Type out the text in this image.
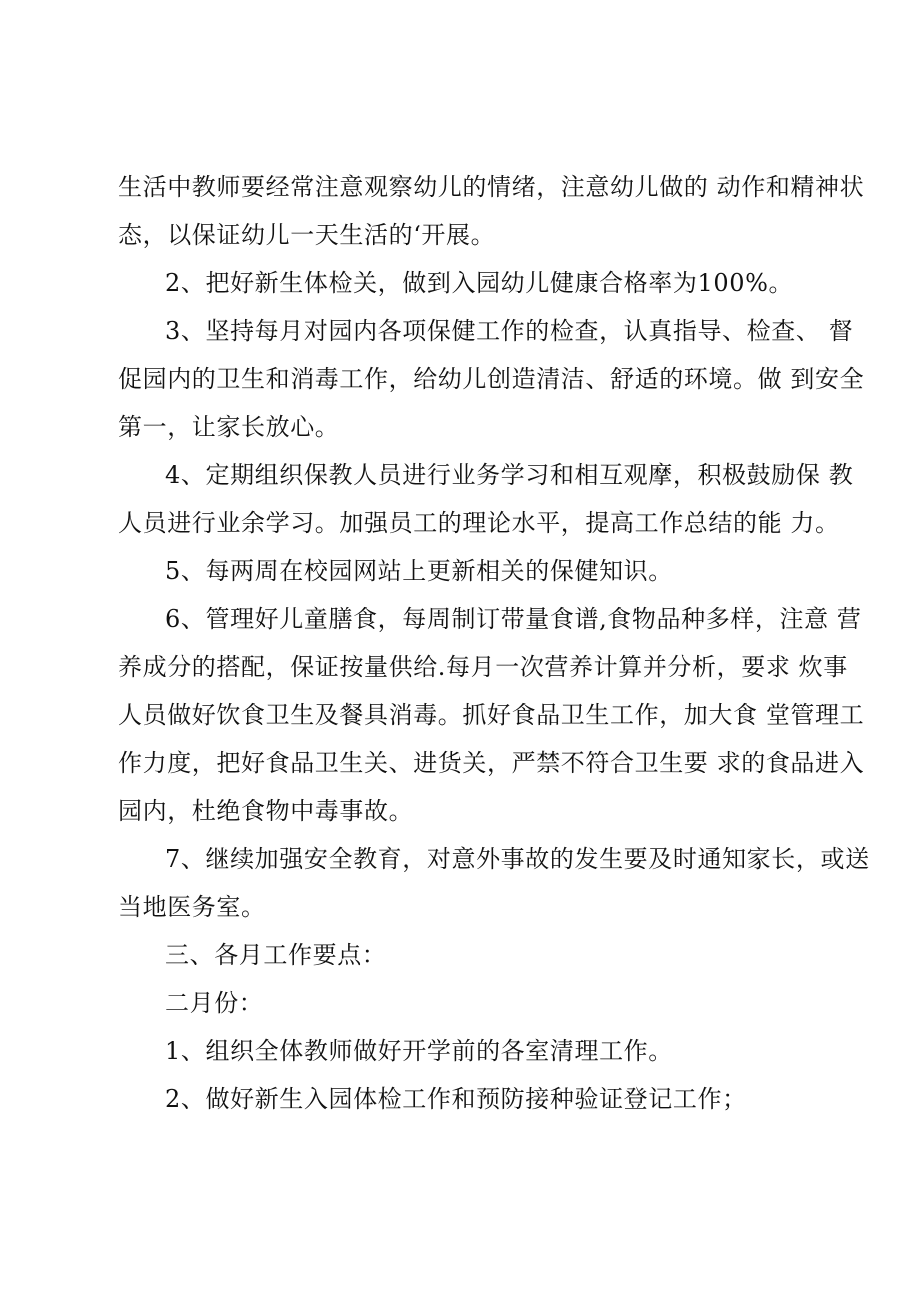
生活中教师要经常注意观察幼儿的情绪，注意幼儿做的 动作和精神状
态，以保证幼儿一天生活的‘开展。
2、把好新生体检关，做到入园幼儿健康合格率为100%。
3、坚持每月对园内各项保健工作的检查，认真指导、检查、 督
促园内的卫生和消毒工作，给幼儿创造清洁、舒适的环境。做 到安全
第一，让家长放心。
4、定期组织保教人员进行业务学习和相互观摩，积极鼓励保 教
人员进行业余学习。加强员工的理论水平，提高工作总结的能 力。
5、每两周在校园网站上更新相关的保健知识。
6、管理好儿童膳食，每周制订带量食谱,食物品种多样，注意 营
养成分的搭配，保证按量供给.每月一次营养计算并分析，要求 炊事
人员做好饮食卫生及餐具消毒。抓好食品卫生工作，加大食 堂管理工
作力度，把好食品卫生关、进货关，严禁不符合卫生要 求的食品进入
园内，杜绝食物中毒事故。
7、继续加强安全教育，对意外事故的发生要及时通知家长，或送
当地医务室。
三、各月工作要点：
二月份：
1、组织全体教师做好开学前的各室清理工作。
2、做好新生入园体检工作和预防接种验证登记工作；
